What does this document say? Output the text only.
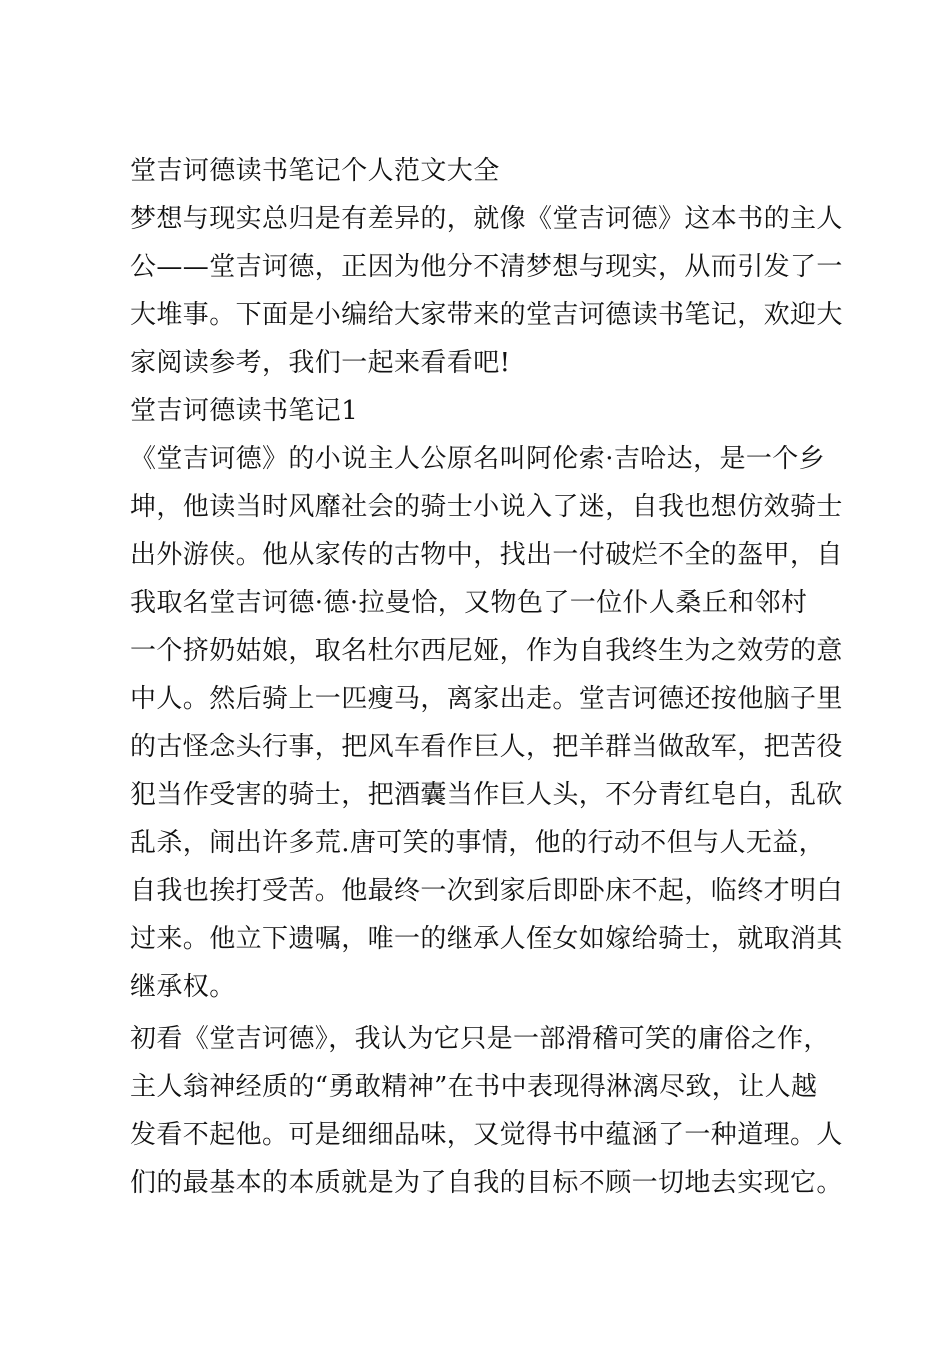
堂吉诃德读书笔记个人范文大全
梦想与现实总归是有差异的，就像《堂吉诃德》这本书的主人
公——堂吉诃德，正因为他分不清梦想与现实，从而引发了一
大堆事。下面是小编给大家带来的堂吉诃德读书笔记，欢迎大
家阅读参考，我们一起来看看吧!
堂吉诃德读书笔记1
《堂吉诃德》的小说主人公原名叫阿伦索·吉哈达，是一个乡
坤，他读当时风靡社会的骑士小说入了迷，自我也想仿效骑士
出外游侠。他从家传的古物中，找出一付破烂不全的盔甲，自
我取名堂吉诃德·德·拉曼恰，又物色了一位仆人桑丘和邻村
一个挤奶姑娘，取名杜尔西尼娅，作为自我终生为之效劳的意
中人。然后骑上一匹瘦马，离家出走。堂吉诃德还按他脑子里
的古怪念头行事，把风车看作巨人，把羊群当做敌军，把苦役
犯当作受害的骑士，把酒囊当作巨人头，不分青红皂白，乱砍
乱杀，闹出许多荒.唐可笑的事情，他的行动不但与人无益，
自我也挨打受苦。他最终一次到家后即卧床不起，临终才明白
过来。他立下遗嘱，唯一的继承人侄女如嫁给骑士，就取消其
继承权。
初看《堂吉诃德》，我认为它只是一部滑稽可笑的庸俗之作，
主人翁神经质的“勇敢精神”在书中表现得淋漓尽致，让人越
发看不起他。可是细细品味，又觉得书中蕴涵了一种道理。人
们的最基本的本质就是为了自我的目标不顾一切地去实现它。
